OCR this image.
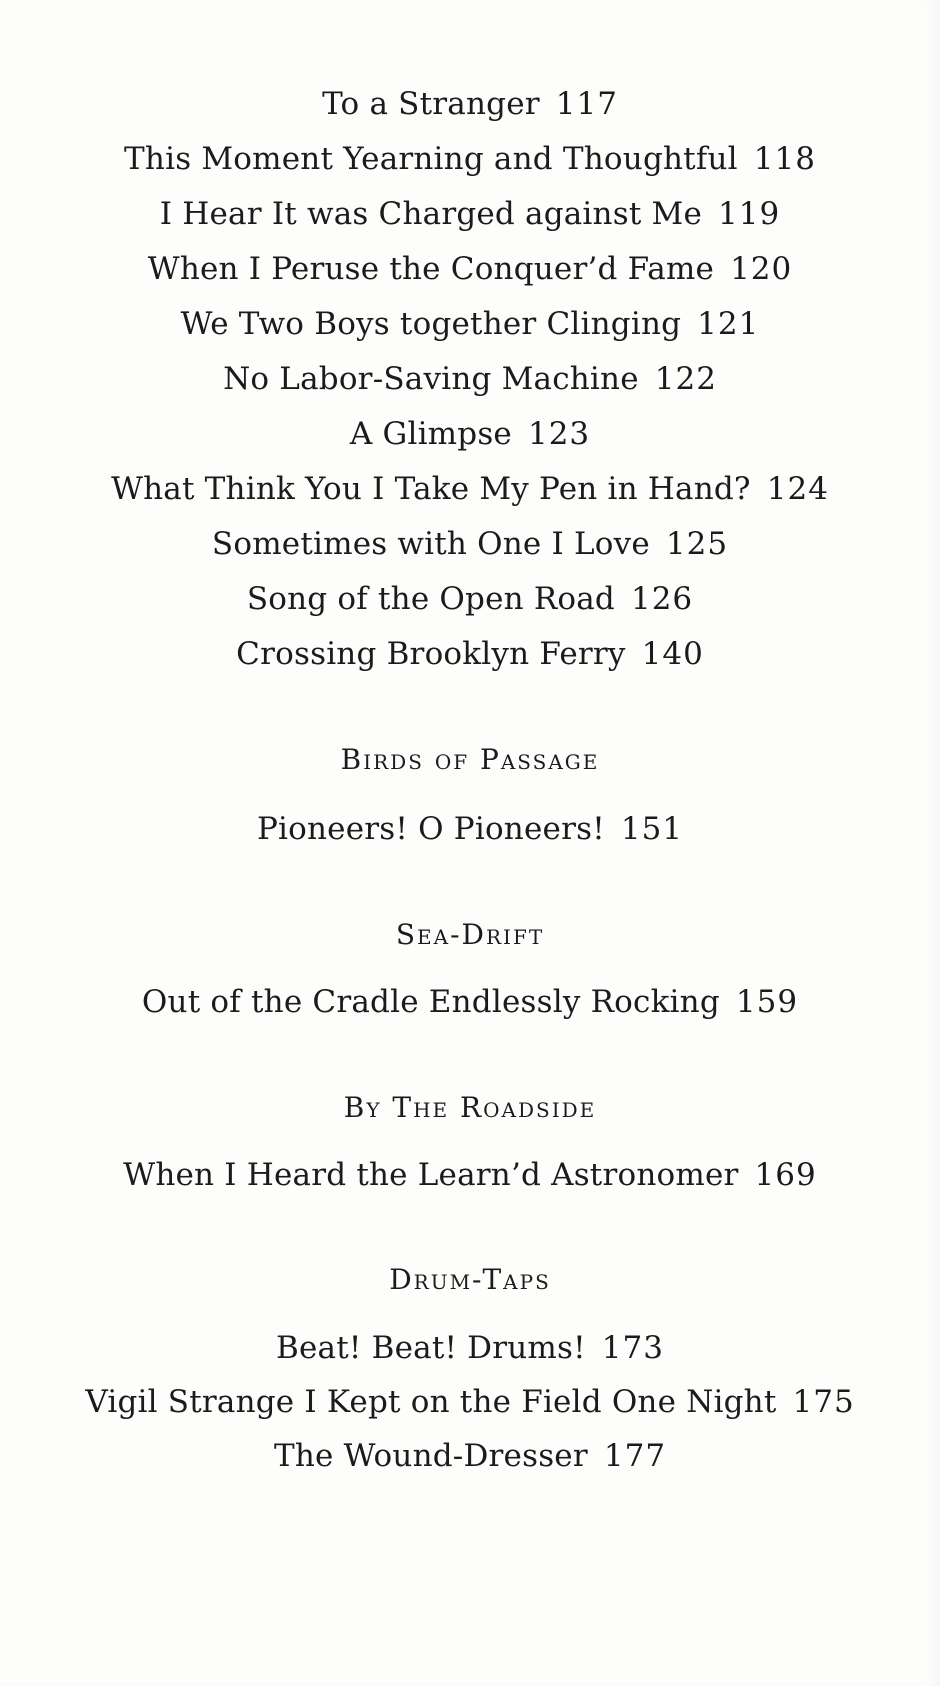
To a Stranger 117
This Moment Yearning and Thoughtful 118
I Hear It was Charged against Me 119
When I Peruse the Conquer’d Fame 120
We Two Boys together Clinging 121
No Labor-Saving Machine 122
A Glimpse 123
What Think You I Take My Pen in Hand? 124
Sometimes with One I Love 125
Song of the Open Road 126
Crossing Brooklyn Ferry 140
Birds of Passage
Pioneers! O Pioneers! 151
Sea-Drift
Out of the Cradle Endlessly Rocking 159
By The Roadside
When I Heard the Learn’d Astronomer 169
Drum-Taps
Beat! Beat! Drums! 173
Vigil Strange I Kept on the Field One Night 175
The Wound-Dresser 177
